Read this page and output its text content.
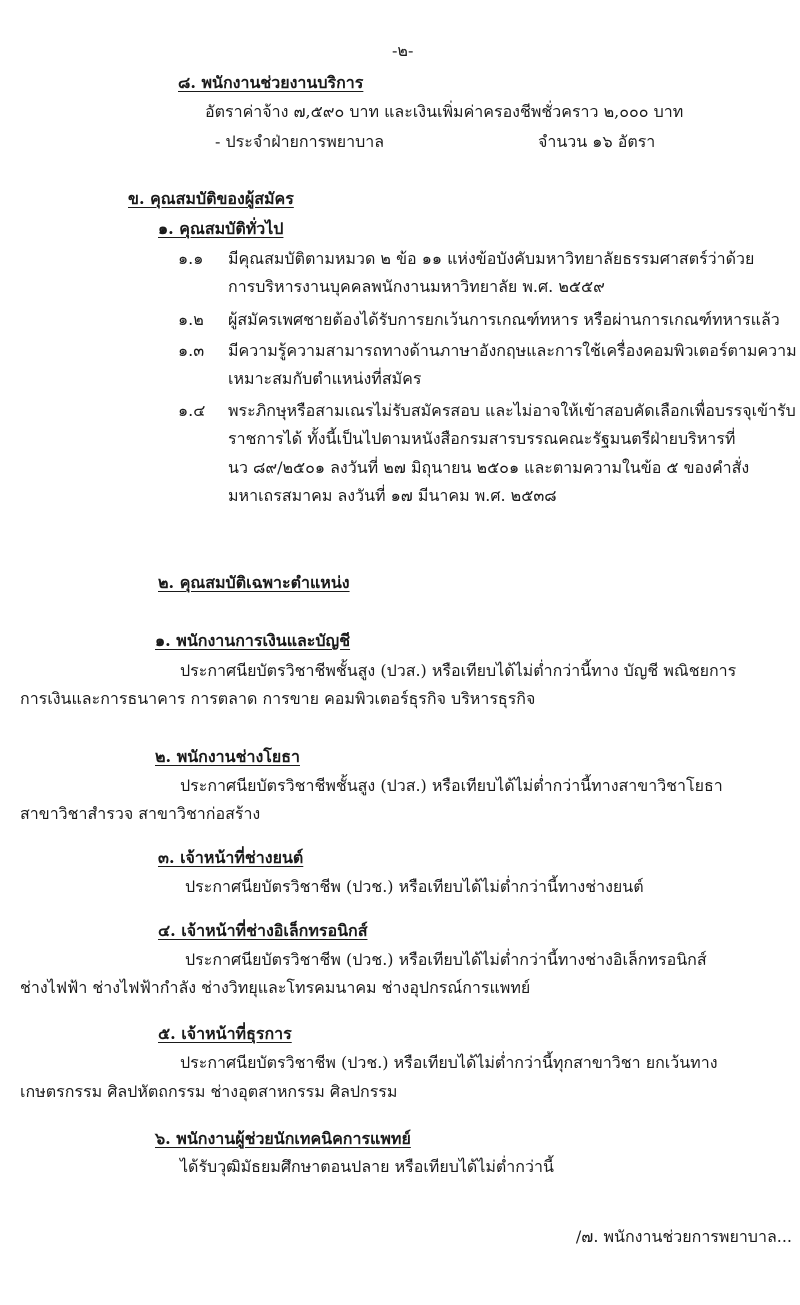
-๒-
๘. พนักงานช่วยงานบริการ
อัตราค่าจ้าง ๗,๕๙๐ บาท และเงินเพิ่มค่าครองชีพชั่วคราว ๒,๐๐๐ บาท
- ประจำฝ่ายการพยาบาล	จำนวน ๑๖ อัตรา
ข. คุณสมบัติของผู้สมัคร
๑. คุณสมบัติทั่วไป
๑.๑ มีคุณสมบัติตามหมวด ๒ ข้อ ๑๑ แห่งข้อบังคับมหาวิทยาลัยธรรมศาสตร์ว่าด้วย
การบริหารงานบุคคลพนักงานมหาวิทยาลัย พ.ศ. ๒๕๕๙
๑.๒ ผู้สมัครเพศชายต้องได้รับการยกเว้นการเกณฑ์ทหาร หรือผ่านการเกณฑ์ทหารแล้ว
๑.๓ มีความรู้ความสามารถทางด้านภาษาอังกฤษและการใช้เครื่องคอมพิวเตอร์ตามความ
เหมาะสมกับตำแหน่งที่สมัคร
๑.๔ พระภิกษุหรือสามเณรไม่รับสมัครสอบ และไม่อาจให้เข้าสอบคัดเลือกเพื่อบรรจุเข้ารับ
ราชการได้ ทั้งนี้เป็นไปตามหนังสือกรมสารบรรณคณะรัฐมนตรีฝ่ายบริหารที่
นว ๘๙/๒๕๐๑ ลงวันที่ ๒๗ มิถุนายน ๒๕๐๑ และตามความในข้อ ๕ ของคำสั่ง
มหาเถรสมาคม ลงวันที่ ๑๗ มีนาคม พ.ศ. ๒๕๓๘
๒. คุณสมบัติเฉพาะตำแหน่ง
๑. พนักงานการเงินและบัญชี
ประกาศนียบัตรวิชาชีพชั้นสูง (ปวส.) หรือเทียบได้ไม่ต่ำกว่านี้ทาง บัญชี พณิชยการ
การเงินและการธนาคาร การตลาด การขาย คอมพิวเตอร์ธุรกิจ บริหารธุรกิจ
๒. พนักงานช่างโยธา
ประกาศนียบัตรวิชาชีพชั้นสูง (ปวส.) หรือเทียบได้ไม่ต่ำกว่านี้ทางสาขาวิชาโยธา
สาขาวิชาสำรวจ สาขาวิชาก่อสร้าง
๓. เจ้าหน้าที่ช่างยนต์
ประกาศนียบัตรวิชาชีพ (ปวช.) หรือเทียบได้ไม่ต่ำกว่านี้ทางช่างยนต์
๔. เจ้าหน้าที่ช่างอิเล็กทรอนิกส์
ประกาศนียบัตรวิชาชีพ (ปวช.) หรือเทียบได้ไม่ต่ำกว่านี้ทางช่างอิเล็กทรอนิกส์
ช่างไฟฟ้า ช่างไฟฟ้ากำลัง ช่างวิทยุและโทรคมนาคม ช่างอุปกรณ์การแพทย์
๕. เจ้าหน้าที่ธุรการ
ประกาศนียบัตรวิชาชีพ (ปวช.) หรือเทียบได้ไม่ต่ำกว่านี้ทุกสาขาวิชา ยกเว้นทาง
เกษตรกรรม ศิลปหัตถกรรม ช่างอุตสาหกรรม ศิลปกรรม
๖. พนักงานผู้ช่วยนักเทคนิคการแพทย์
ได้รับวุฒิมัธยมศึกษาตอนปลาย หรือเทียบได้ไม่ต่ำกว่านี้
/๗. พนักงานช่วยการพยาบาล...
